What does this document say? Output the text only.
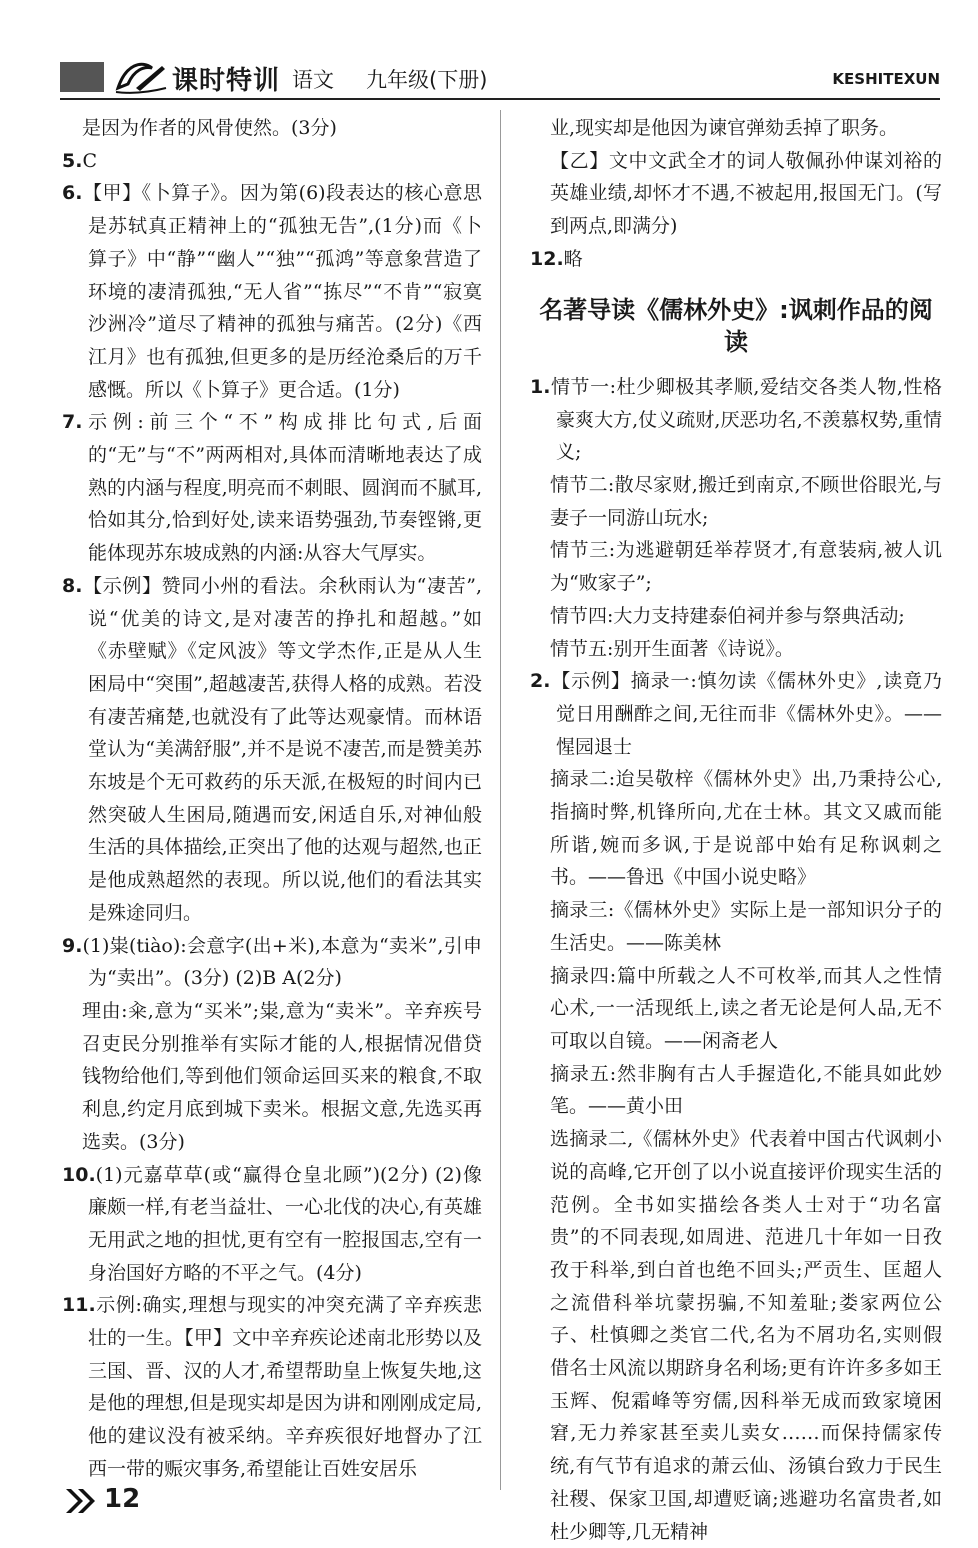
课时特训 语文 九年级(下册)	KESHITEXUN

是因为作者的风骨使然。(3分)

5.C

6.【甲】《卜算子》。因为第(6)段表达的核心意思是苏轼真正精神上的“孤独无告”,(1分)而《卜算子》中“静”“幽人”“独”“孤鸿”等意象营造了环境的凄清孤独,“无人省”“拣尽”“不肯”“寂寞沙洲冷”道尽了精神的孤独与痛苦。(2分)《西江月》也有孤独,但更多的是历经沧桑后的万千感慨。所以《卜算子》更合适。(1分)

7.示例:前三个“不”构成排比句式,后面的“无”与“不”两两相对,具体而清晰地表达了成熟的内涵与程度,明亮而不刺眼、圆润而不腻耳,恰如其分,恰到好处,读来语势强劲,节奏铿锵,更能体现苏东坡成熟的内涵:从容大气厚实。

8.【示例】赞同小州的看法。余秋雨认为“凄苦”,说“优美的诗文,是对凄苦的挣扎和超越。”如《赤壁赋》《定风波》等文学杰作,正是从人生困局中“突围”,超越凄苦,获得人格的成熟。若没有凄苦痛楚,也就没有了此等达观豪情。而林语堂认为“美满舒服”,并不是说不凄苦,而是赞美苏东坡是个无可救药的乐天派,在极短的时间内已然突破人生困局,随遇而安,闲适自乐,对神仙般生活的具体描绘,正突出了他的达观与超然,也正是他成熟超然的表现。所以说,他们的看法其实是殊途同归。

9.(1)粜(tiào):会意字(出+米),本意为“卖米”,引申为“卖出”。(3分) (2)B A(2分)

理由:籴,意为“买米”;粜,意为“卖米”。辛弃疾号召吏民分别推举有实际才能的人,根据情况借贷钱物给他们,等到他们领命运回买来的粮食,不取利息,约定月底到城下卖米。根据文意,先选买再选卖。(3分)

10.(1)元嘉草草(或“赢得仓皇北顾”)(2分) (2)像廉颇一样,有老当益壮、一心北伐的决心,有英雄无用武之地的担忧,更有空有一腔报国志,空有一身治国好方略的不平之气。(4分)

11.示例:确实,理想与现实的冲突充满了辛弃疾悲壮的一生。【甲】文中辛弃疾论述南北形势以及三国、晋、汉的人才,希望帮助皇上恢复失地,这是他的理想,但是现实却是因为讲和刚刚成定局,他的建议没有被采纳。辛弃疾很好地督办了江西一带的赈灾事务,希望能让百姓安居乐

业,现实却是他因为谏官弹劾丢掉了职务。

【乙】文中文武全才的词人敬佩孙仲谋刘裕的英雄业绩,却怀才不遇,不被起用,报国无门。(写到两点,即满分)

12.略

名著导读《儒林外史》:讽刺作品的阅读

1.情节一:杜少卿极其孝顺,爱结交各类人物,性格豪爽大方,仗义疏财,厌恶功名,不羡慕权势,重情义;

情节二:散尽家财,搬迁到南京,不顾世俗眼光,与妻子一同游山玩水;

情节三:为逃避朝廷举荐贤才,有意装病,被人讥为“败家子”;

情节四:大力支持建泰伯祠并参与祭典活动;

情节五:别开生面著《诗说》。

2.【示例】摘录一:慎勿读《儒林外史》,读竟乃觉日用酬酢之间,无往而非《儒林外史》。——惺园退士

摘录二:迨吴敬梓《儒林外史》出,乃秉持公心,指摘时弊,机锋所向,尤在士林。其文又戚而能所谐,婉而多讽,于是说部中始有足称讽刺之书。——鲁迅《中国小说史略》

摘录三:《儒林外史》实际上是一部知识分子的生活史。——陈美林

摘录四:篇中所载之人不可枚举,而其人之性情心术,一一活现纸上,读之者无论是何人品,无不可取以自镜。——闲斋老人

摘录五:然非胸有古人手握造化,不能具如此妙笔。——黄小田

选摘录二,《儒林外史》代表着中国古代讽刺小说的高峰,它开创了以小说直接评价现实生活的范例。全书如实描绘各类人士对于“功名富贵”的不同表现,如周进、范进几十年如一日孜孜于科举,到白首也绝不回头;严贡生、匡超人之流借科举坑蒙拐骗,不知羞耻;娄家两位公子、杜慎卿之类官二代,名为不屑功名,实则假借名士风流以期跻身名利场;更有许许多多如王玉辉、倪霜峰等穷儒,因科举无成而致家境困窘,无力养家甚至卖儿卖女……而保持儒家传统,有气节有追求的萧云仙、汤镇台致力于民生社稷、保家卫国,却遭贬谪;逃避功名富贵者,如杜少卿等,几无精神

12
